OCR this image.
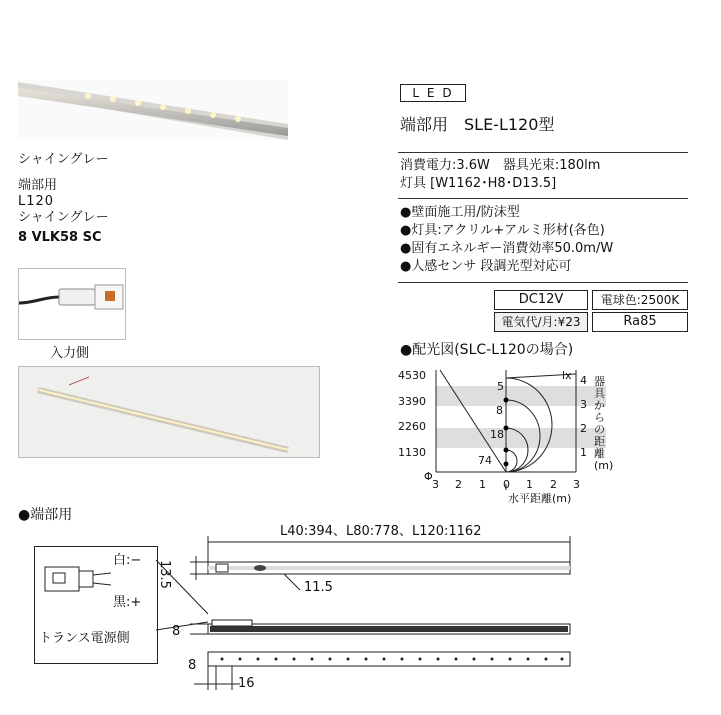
シャイングレー
端部用
L120
シャイングレー
8 VLK58 SC
入力側
L E D
端部用　SLE-L120型
消費電力:3.6W　器具光束:180lm
灯具 [W1162･H8･D13.5]
●壁面施工用/防沫型
●灯具:アクリル+アルミ形材(各色)
●固有エネルギー消費効率50.0m/W
●人感センサ 段調光型対応可
DC12V	電球色:2500K
電気代/月:¥23	Ra85
●配光図(SLC-L120の場合)
4530
3390
2260
1130
lx
Φ
5
8
18
74
4
3
2
1
器具からの距離(m)
3 2 1 0 1 2 3
水平距離(m)
●端部用
白:−
黒:+
トランス電源側
L40:394、L80:778、L120:1162
13.5	11.5
8
8
16
